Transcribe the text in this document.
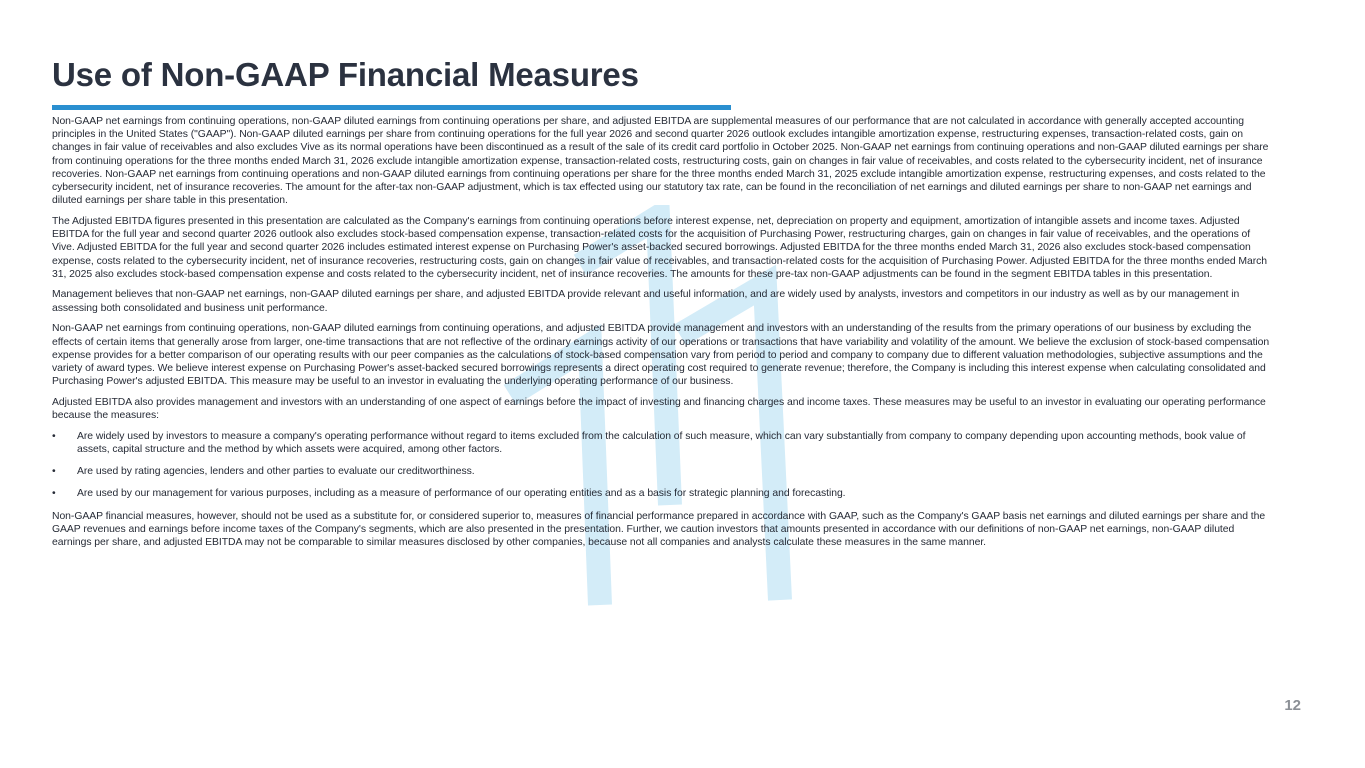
Use of Non-GAAP Financial Measures

Non-GAAP net earnings from continuing operations, non-GAAP diluted earnings from continuing operations per share, and adjusted EBITDA are supplemental measures of our performance that are not calculated in accordance with generally accepted accounting principles in the United States ("GAAP"). Non-GAAP diluted earnings per share from continuing operations for the full year 2026 and second quarter 2026 outlook excludes intangible amortization expense, restructuring expenses, transaction-related costs, gain on changes in fair value of receivables and also excludes Vive as its normal operations have been discontinued as a result of the sale of its credit card portfolio in October 2025. Non-GAAP net earnings from continuing operations and non-GAAP diluted earnings per share from continuing operations for the three months ended March 31, 2026 exclude intangible amortization expense, transaction-related costs, restructuring costs, gain on changes in fair value of receivables, and costs related to the cybersecurity incident, net of insurance recoveries. Non-GAAP net earnings from continuing operations and non-GAAP diluted earnings from continuing operations per share for the three months ended March 31, 2025 exclude intangible amortization expense, restructuring expenses, and costs related to the cybersecurity incident, net of insurance recoveries. The amount for the after-tax non-GAAP adjustment, which is tax effected using our statutory tax rate, can be found in the reconciliation of net earnings and diluted earnings per share to non-GAAP net earnings and diluted earnings per share table in this presentation.

The Adjusted EBITDA figures presented in this presentation are calculated as the Company's earnings from continuing operations before interest expense, net, depreciation on property and equipment, amortization of intangible assets and income taxes. Adjusted EBITDA for the full year and second quarter 2026 outlook also excludes stock-based compensation expense, transaction-related costs for the acquisition of Purchasing Power, restructuring charges, gain on changes in fair value of receivables, and the operations of Vive. Adjusted EBITDA for the full year and second quarter 2026 includes estimated interest expense on Purchasing Power's asset-backed secured borrowings. Adjusted EBITDA for the three months ended March 31, 2026 also excludes stock-based compensation expense, costs related to the cybersecurity incident, net of insurance recoveries, restructuring costs, gain on changes in fair value of receivables, and transaction-related costs for the acquisition of Purchasing Power. Adjusted EBITDA for the three months ended March 31, 2025 also excludes stock-based compensation expense and costs related to the cybersecurity incident, net of insurance recoveries. The amounts for these pre-tax non-GAAP adjustments can be found in the segment EBITDA tables in this presentation.

Management believes that non-GAAP net earnings, non-GAAP diluted earnings per share, and adjusted EBITDA provide relevant and useful information, and are widely used by analysts, investors and competitors in our industry as well as by our management in assessing both consolidated and business unit performance.

Non-GAAP net earnings from continuing operations, non-GAAP diluted earnings from continuing operations, and adjusted EBITDA provide management and investors with an understanding of the results from the primary operations of our business by excluding the effects of certain items that generally arose from larger, one-time transactions that are not reflective of the ordinary earnings activity of our operations or transactions that have variability and volatility of the amount. We believe the exclusion of stock-based compensation expense provides for a better comparison of our operating results with our peer companies as the calculations of stock-based compensation vary from period to period and company to company due to different valuation methodologies, subjective assumptions and the variety of award types. We believe interest expense on Purchasing Power's asset-backed secured borrowings represents a direct operating cost required to generate revenue; therefore, the Company is including this interest expense when calculating consolidated and Purchasing Power's adjusted EBITDA. This measure may be useful to an investor in evaluating the underlying operating performance of our business.

Adjusted EBITDA also provides management and investors with an understanding of one aspect of earnings before the impact of investing and financing charges and income taxes. These measures may be useful to an investor in evaluating our operating performance because the measures:

• Are widely used by investors to measure a company's operating performance without regard to items excluded from the calculation of such measure, which can vary substantially from company to company depending upon accounting methods, book value of assets, capital structure and the method by which assets were acquired, among other factors.
• Are used by rating agencies, lenders and other parties to evaluate our creditworthiness.
• Are used by our management for various purposes, including as a measure of performance of our operating entities and as a basis for strategic planning and forecasting.

Non-GAAP financial measures, however, should not be used as a substitute for, or considered superior to, measures of financial performance prepared in accordance with GAAP, such as the Company's GAAP basis net earnings and diluted earnings per share and the GAAP revenues and earnings before income taxes of the Company's segments, which are also presented in the presentation. Further, we caution investors that amounts presented in accordance with our definitions of non-GAAP net earnings, non-GAAP diluted earnings per share, and adjusted EBITDA may not be comparable to similar measures disclosed by other companies, because not all companies and analysts calculate these measures in the same manner.

12
